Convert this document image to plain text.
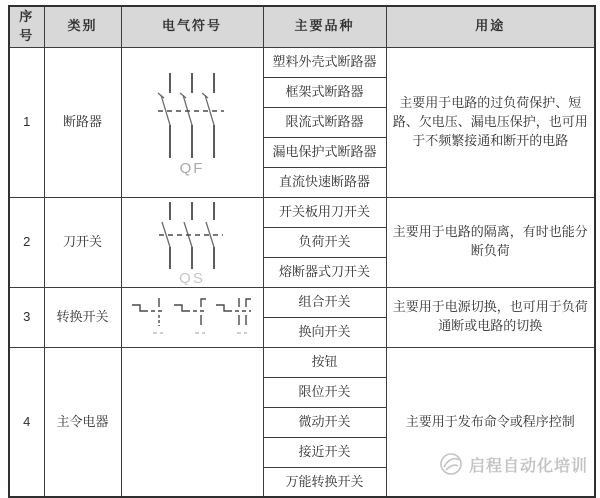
序号	类别	电气符号	主要品种	用途
1	断路器	QF	塑料外壳式断路器	主要用于电路的过负荷保护、短路、欠电压、漏电压保护，也可用于不频繁接通和断开的电路
			框架式断路器	
			限流式断路器	
			漏电保护式断路器	
			直流快速断路器	
2	刀开关	QS	开关板用刀开关	主要用于电路的隔离，有时也能分断负荷
			负荷开关	
			熔断器式刀开关	
3	转换开关		组合开关	主要用于电源切换，也可用于负荷通断或电路的切换
			换向开关	
4	主令电器		按钮	主要用于发布命令或程序控制
			限位开关	
			微动开关	
			接近开关	
			万能转换开关	
启程自动化培训
